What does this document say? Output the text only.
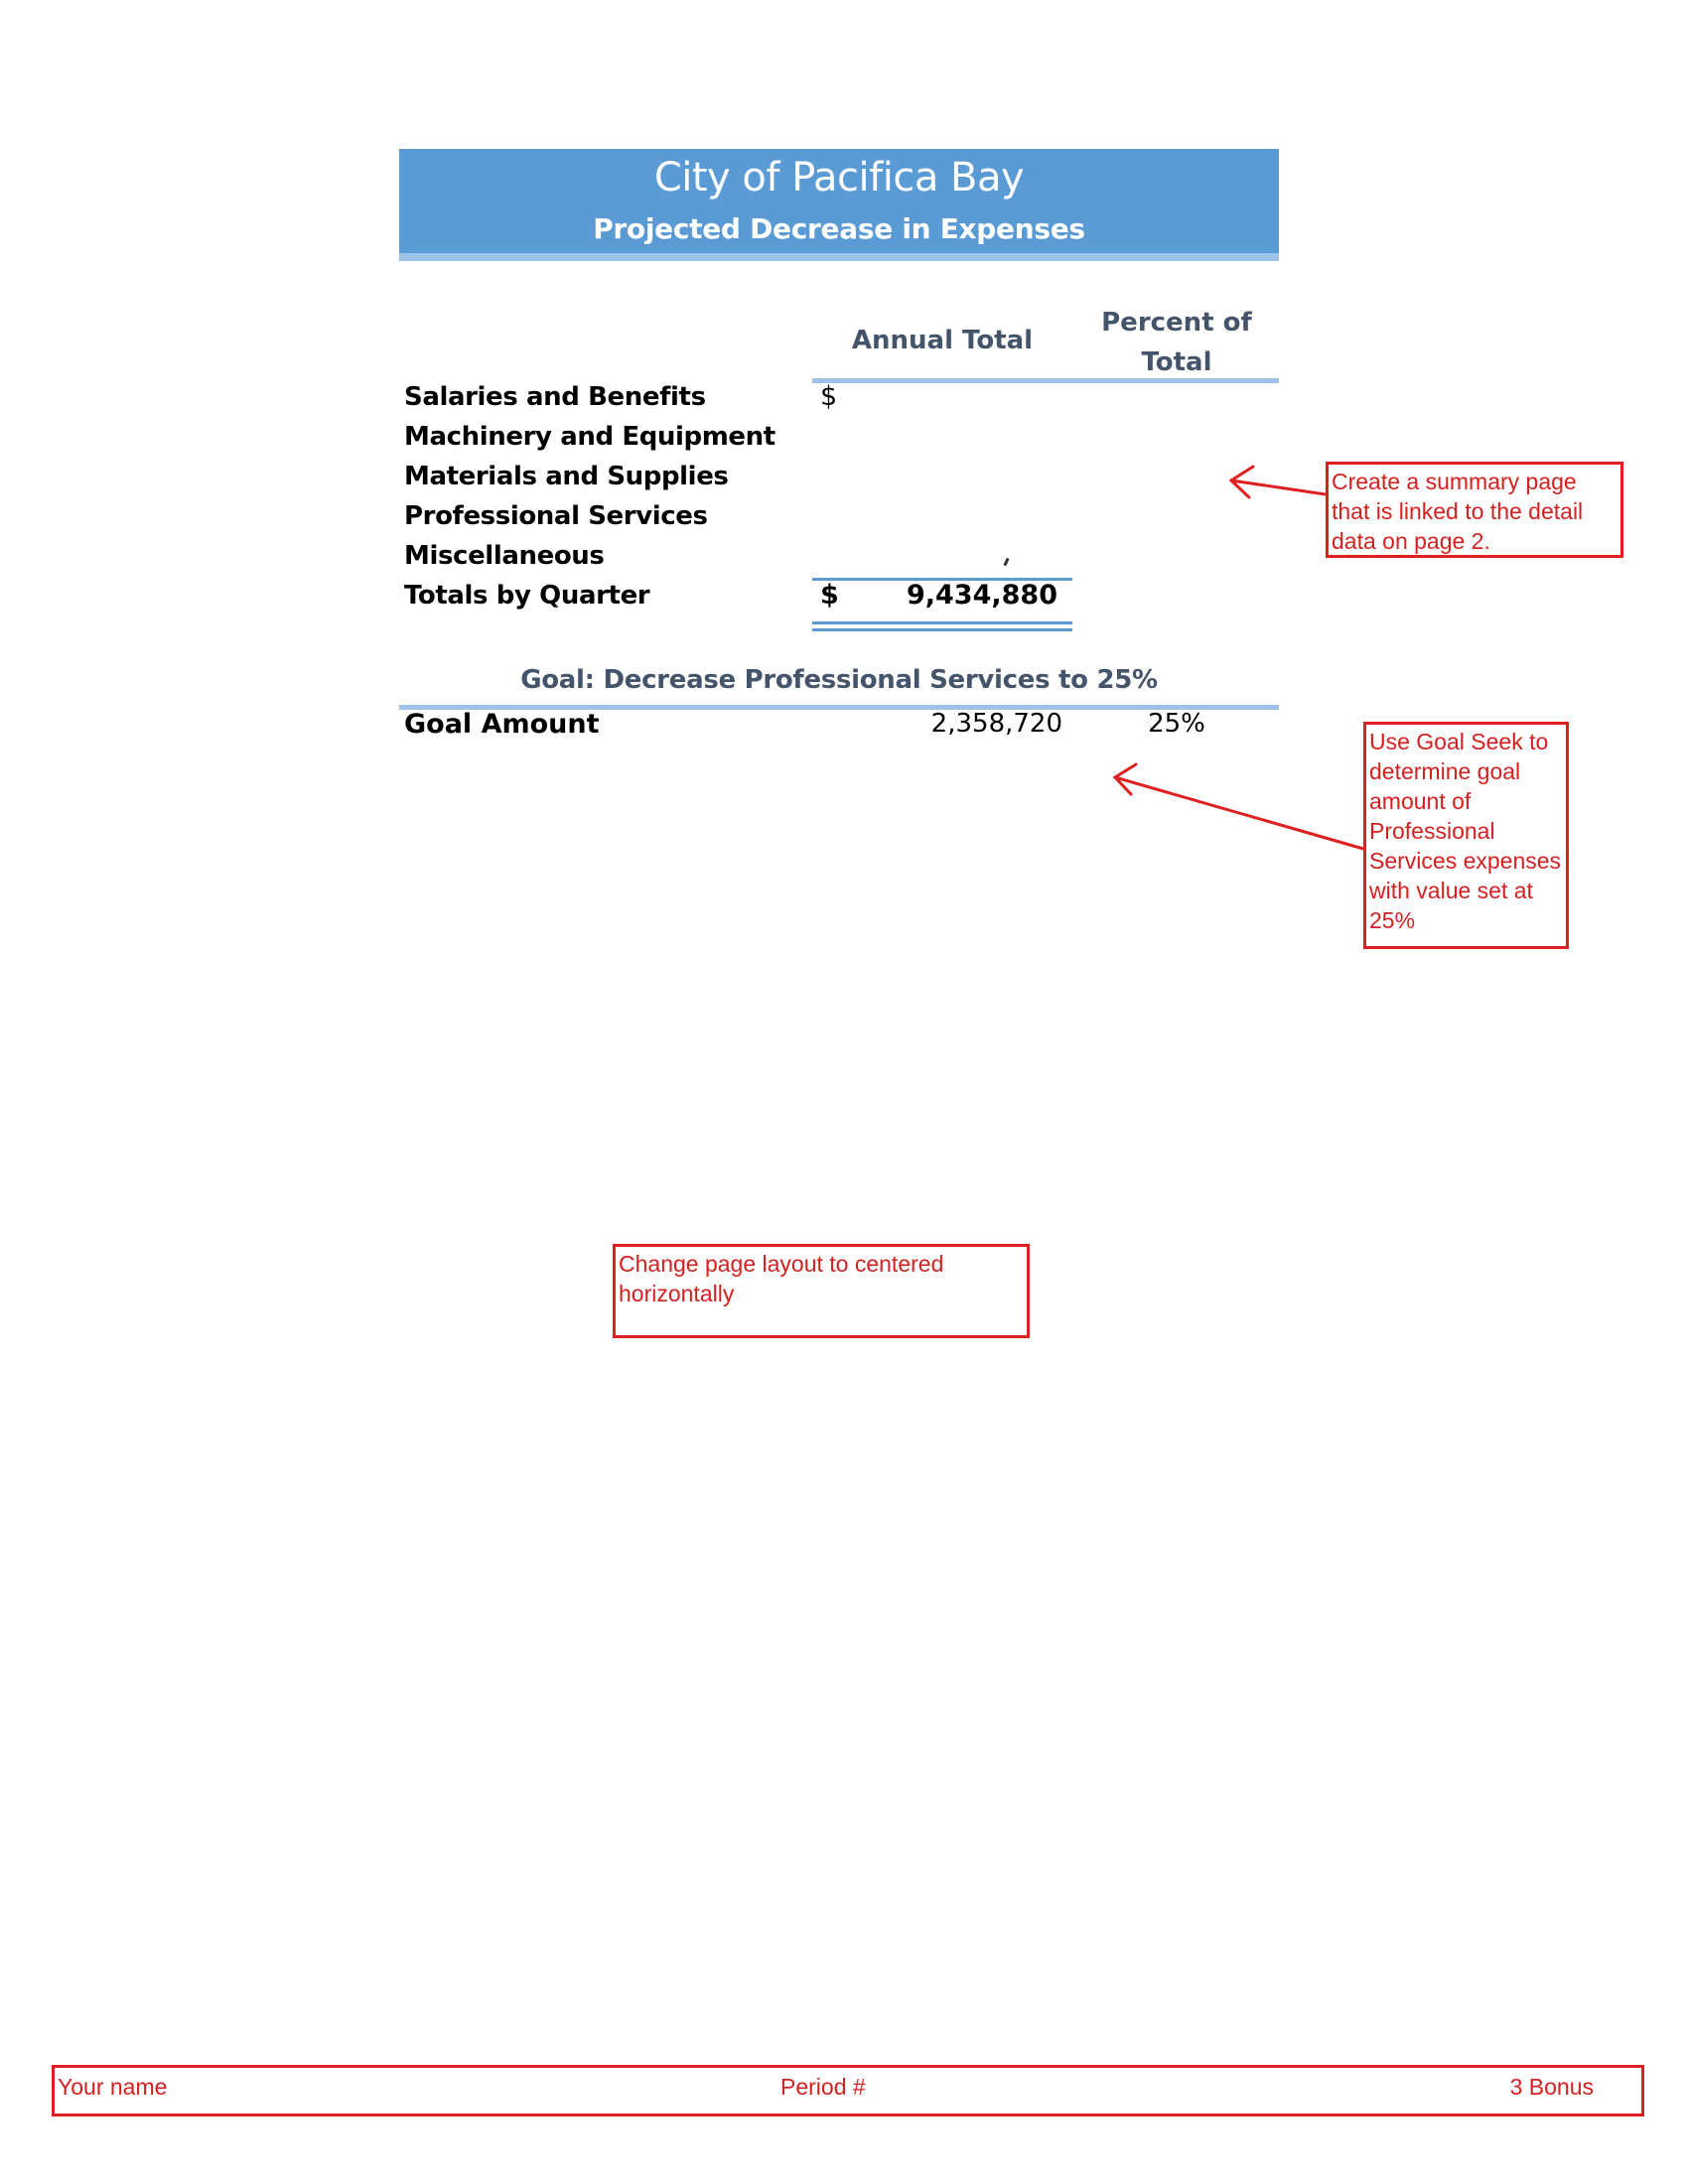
City of Pacifica Bay
Projected Decrease in Expenses
Annual Total
Percent of
Total
Salaries and Benefits	$
Machinery and Equipment
Materials and Supplies
Professional Services
Miscellaneous
Totals by Quarter	$	9,434,880
Goal: Decrease Professional Services to 25%
Goal Amount	2,358,720	25%
Create a summary page that is linked to the detail data on page 2.
Use Goal Seek to determine goal amount of Professional Services expenses with value set at 25%
Change page layout to centered horizontally
Your name	Period #	3 Bonus
